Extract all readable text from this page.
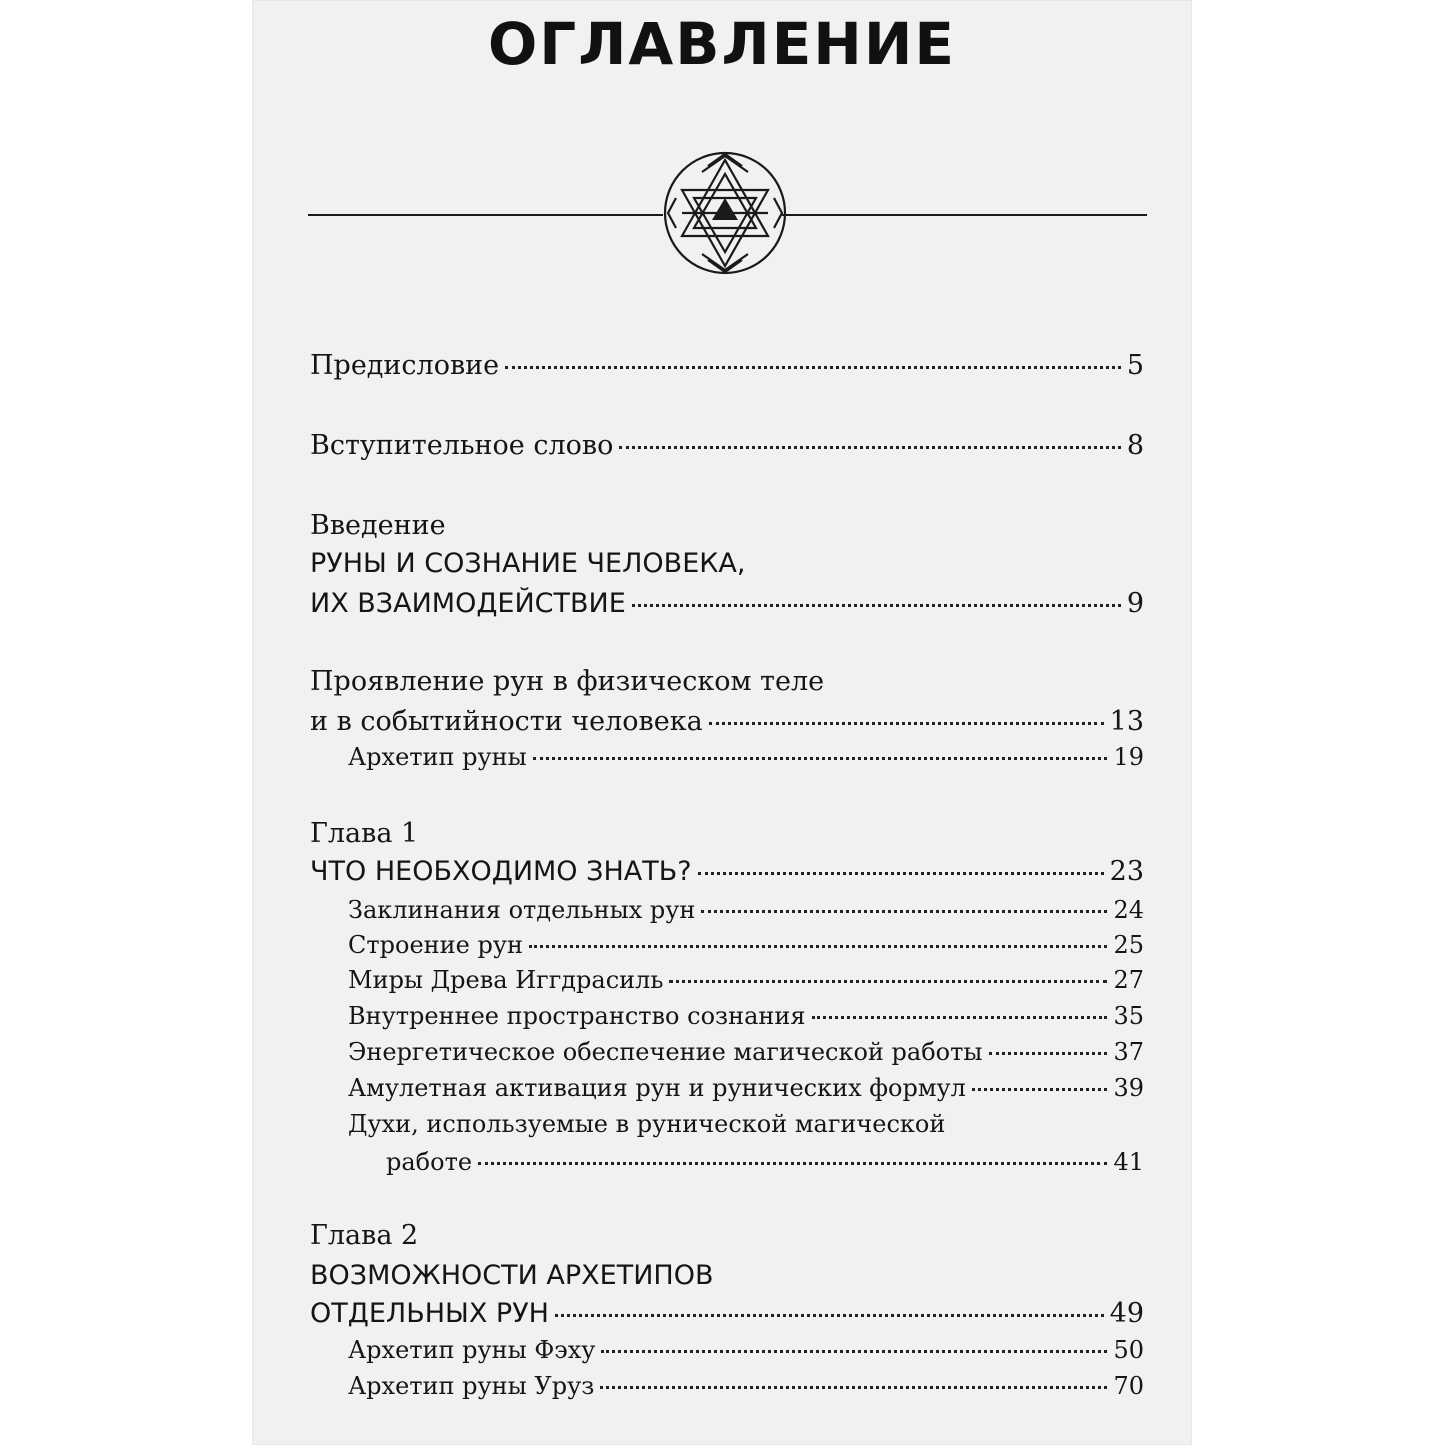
ОГЛАВЛЕНИЕ
Предисловие	5
Вступительное слово	8
Введение
РУНЫ И СОЗНАНИЕ ЧЕЛОВЕКА,
ИХ ВЗАИМОДЕЙСТВИЕ	9
Проявление рун в физическом теле
и в событийности человека	13
Архетип руны	19
Глава 1
ЧТО НЕОБХОДИМО ЗНАТЬ?	23
Заклинания отдельных рун	24
Строение рун	25
Миры Древа Иггдрасиль	27
Внутреннее пространство сознания	35
Энергетическое обеспечение магической работы	37
Амулетная активация рун и рунических формул	39
Духи, используемые в рунической магической
работе	41
Глава 2
ВОЗМОЖНОСТИ АРХЕТИПОВ
ОТДЕЛЬНЫХ РУН	49
Архетип руны Фэху	50
Архетип руны Уруз	70
